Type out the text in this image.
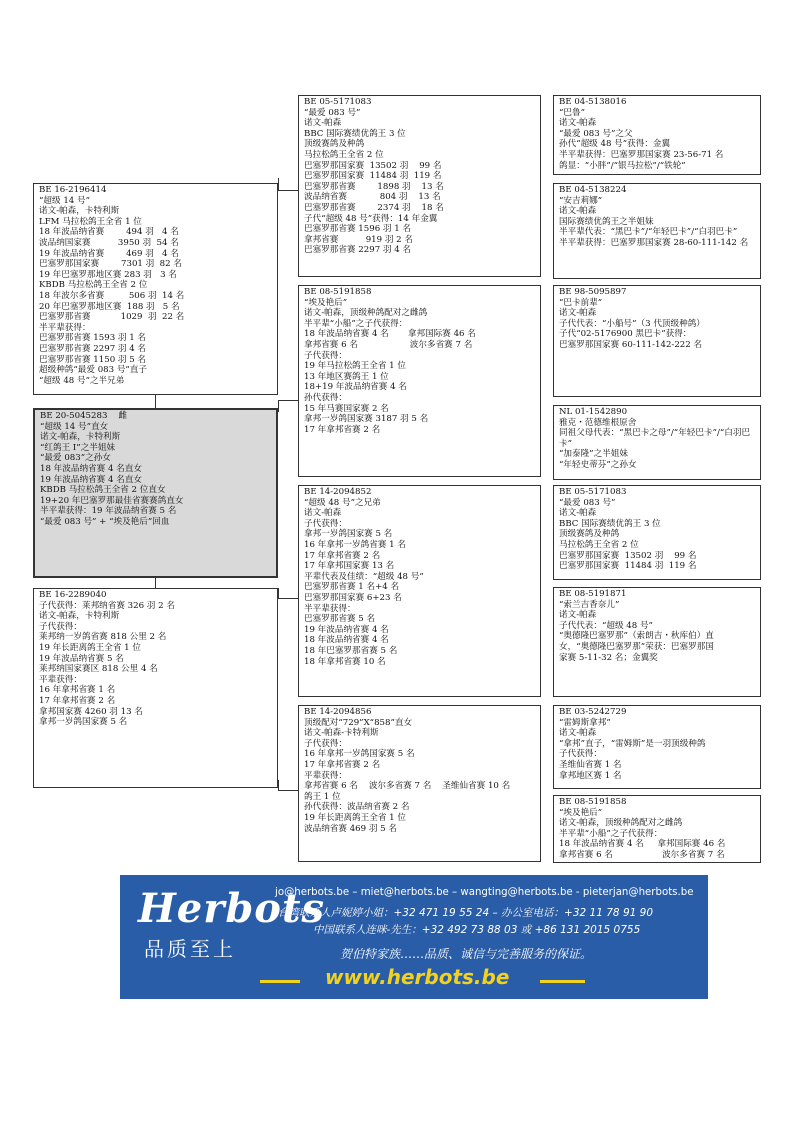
BE 16-2196414
“超级 14 号”
诺文-帕森，卡特利斯
LFM 马拉松鸽王全省 1 位
18 年波品纳省赛        494 羽   4 名
波品纳国家赛          3950 羽  54 名
19 年波品纳省赛        469 羽   4 名
巴塞罗那国家赛        7301 羽  82 名
19 年巴塞罗那地区赛 283 羽   3 名
KBDB 马拉松鸽王全省 2 位
18 年波尔多省赛         506 羽  14 名
20 年巴塞罗那地区赛  188 羽   5 名
巴塞罗那省赛           1029  羽  22 名
半平辈获得：
巴塞罗那省赛 1593 羽 1 名
巴塞罗那省赛 2297 羽 4 名
巴塞罗那省赛 1150 羽 5 名
超级种鸽“最爱 083 号”直子
“超级 48 号”之半兄弟
BE 20-5045283    雌
“超级 14 号”直女
诺文-帕森，卡特利斯
“红鸽王 I”之半姐妹
“最爱 083”之孙女
18 年波品纳省赛 4 名直女
19 年波品纳省赛 4 名直女
KBDB 马拉松鸽王全省 2 位直女
19+20 年巴塞罗那最佳省赛赛鸽直女
半平辈获得：19 年波品纳省赛 5 名
“最爱 083 号” + “埃及艳后”回血
BE 16-2289040
子代获得：莱邦纳省赛 326 羽 2 名
诺文-帕森，卡特利斯
子代获得：
莱邦纳一岁鸽省赛 818 公里 2 名
19 年长距离鸽王全省 1 位
19 年波品纳省赛 5 名
莱邦纳国家赛区 818 公里 4 名
平辈获得：
16 年拿邦省赛 1 名
17 年拿邦省赛 2 名
拿邦国家赛 4260 羽 13 名
拿邦一岁鸽国家赛 5 名
BE 05-5171083
“最爱 083 号”
诺文-帕森
BBC 国际赛绩优鸽王 3 位
顶级赛鸽及种鸽
马拉松鸽王全省 2 位
巴塞罗那国家赛  13502 羽    99 名
巴塞罗那国家赛  11484 羽  119 名
巴塞罗那省赛        1898 羽    13 名
波品纳省赛            804 羽    13 名
巴塞罗那省赛        2374 羽    18 名
子代“超级 48 号”获得：14 年金翼
巴塞罗那省赛 1596 羽 1 名
拿邦省赛          919 羽 2 名
巴塞罗那省赛 2297 羽 4 名
BE 08-5191858
“埃及艳后”
诺文-帕森，顶级种鸽配对之雌鸽
半平辈“小船”之子代获得：
18 年波品纳省赛 4 名       拿邦国际赛 46 名
拿邦省赛 6 名                   波尔多省赛 7 名
子代获得：
19 年马拉松鸽王全省 1 位
13 年地区赛鸽王 1 位
18+19 年波品纳省赛 4 名
孙代获得：
15 年马赛国家赛 2 名
拿邦一岁鸽国家赛 3187 羽 5 名
17 年拿邦省赛 2 名
BE 14-2094852
“超级 48 号”之兄弟
诺文-帕森
子代获得：
拿邦一岁鸽国家赛 5 名
16 年拿邦一岁鸽省赛 1 名
17 年拿邦省赛 2 名
17 年拿邦国家赛 13 名
平辈代表及佳绩：“超级 48 号”
巴塞罗那省赛 1 名+4 名
巴塞罗那国家赛 6+23 名
半平辈获得：
巴塞罗那省赛 5 名
19 年波品纳省赛 4 名
18 年波品纳省赛 4 名
18 年巴塞罗那省赛 5 名
18 年拿邦省赛 10 名
BE 14-2094856
顶级配对“729”X“858”直女
诺文-帕森-卡特利斯
子代获得：
16 年拿邦一岁鸽国家赛 5 名
17 年拿邦省赛 2 名
平辈获得：
拿邦省赛 6 名    波尔多省赛 7 名    圣维仙省赛 10 名
鸽王 1 位
孙代获得：波品纳省赛 2 名
19 年长距离鸽王全省 1 位
波品纳省赛 469 羽 5 名
BE 04-5138016
“巴鲁”
诺文-帕森
“最爱 083 号”之父
孙代“超级 48 号”获得：金翼
半平辈获得：巴塞罗那国家赛 23-56-71 名
鸽显：“小胖”/“银马拉松”/“铁轮”
BE 04-5138224
“安吉莉娜”
诺文-帕森
国际赛绩优鸽王之半姐妹
半平辈代表：“黑巴卡”/“年轻巴卡”/“白羽巴卡”
半平辈获得：巴塞罗那国家赛 28-60-111-142 名
BE 98-5095897
“巴卡前辈”
诺文-帕森
子代代表：“小船号”（3 代顶级种鸽）
子代“02-5176900 黑巴卡”获得：
巴塞罗那国家赛 60-111-142-222 名
NL 01-1542890
雅克・范德维根原舍
同祖父母代表：“黑巴卡之母”/“年轻巴卡”/“白羽巴卡”
“加泰隆”之半姐妹
“年轻史蒂芬”之孙女
BE 05-5171083
“最爱 083 号”
诺文-帕森
BBC 国际赛绩优鸽王 3 位
顶级赛鸽及种鸽
马拉松鸽王全省 2 位
巴塞罗那国家赛  13502 羽    99 名
巴塞罗那国家赛  11484 羽  119 名
BE 08-5191871
“索兰吉香奈儿”
诺文-帕森
子代代表：“超级 48 号”
“奥德隆巴塞罗那”（索朗吉・秋库伯）直
女，“奥德隆巴塞罗那”荣获：巴塞罗那国
家赛 5-11-32 名；金翼奖
BE 03-5242729
“雷姆斯拿邦”
诺文-帕森
“拿邦”直子，“雷姆斯”是一羽顶级种鸽
子代获得：
圣维仙省赛 1 名
拿邦地区赛 1 名
BE 08-5191858
“埃及艳后”
诺文-帕森，顶级种鸽配对之雌鸽
半平辈“小船”之子代获得：
18 年波品纳省赛 4 名     拿邦国际赛 46 名
拿邦省赛 6 名                  波尔多省赛 7 名
Herbots
品质至上
jo@herbots.be – miet@herbots.be – wangting@herbots.be - pieterjan@herbots.be
台湾联系人卢妮婷小姐：+32 471 19 55 24 – 办公室电话：+32 11 78 91 90
中国联系人连咪-先生：+32 492 73 88 03 或 +86 131 2015 0755
贺伯特家族……品质、诚信与完善服务的保证。
www.herbots.be
